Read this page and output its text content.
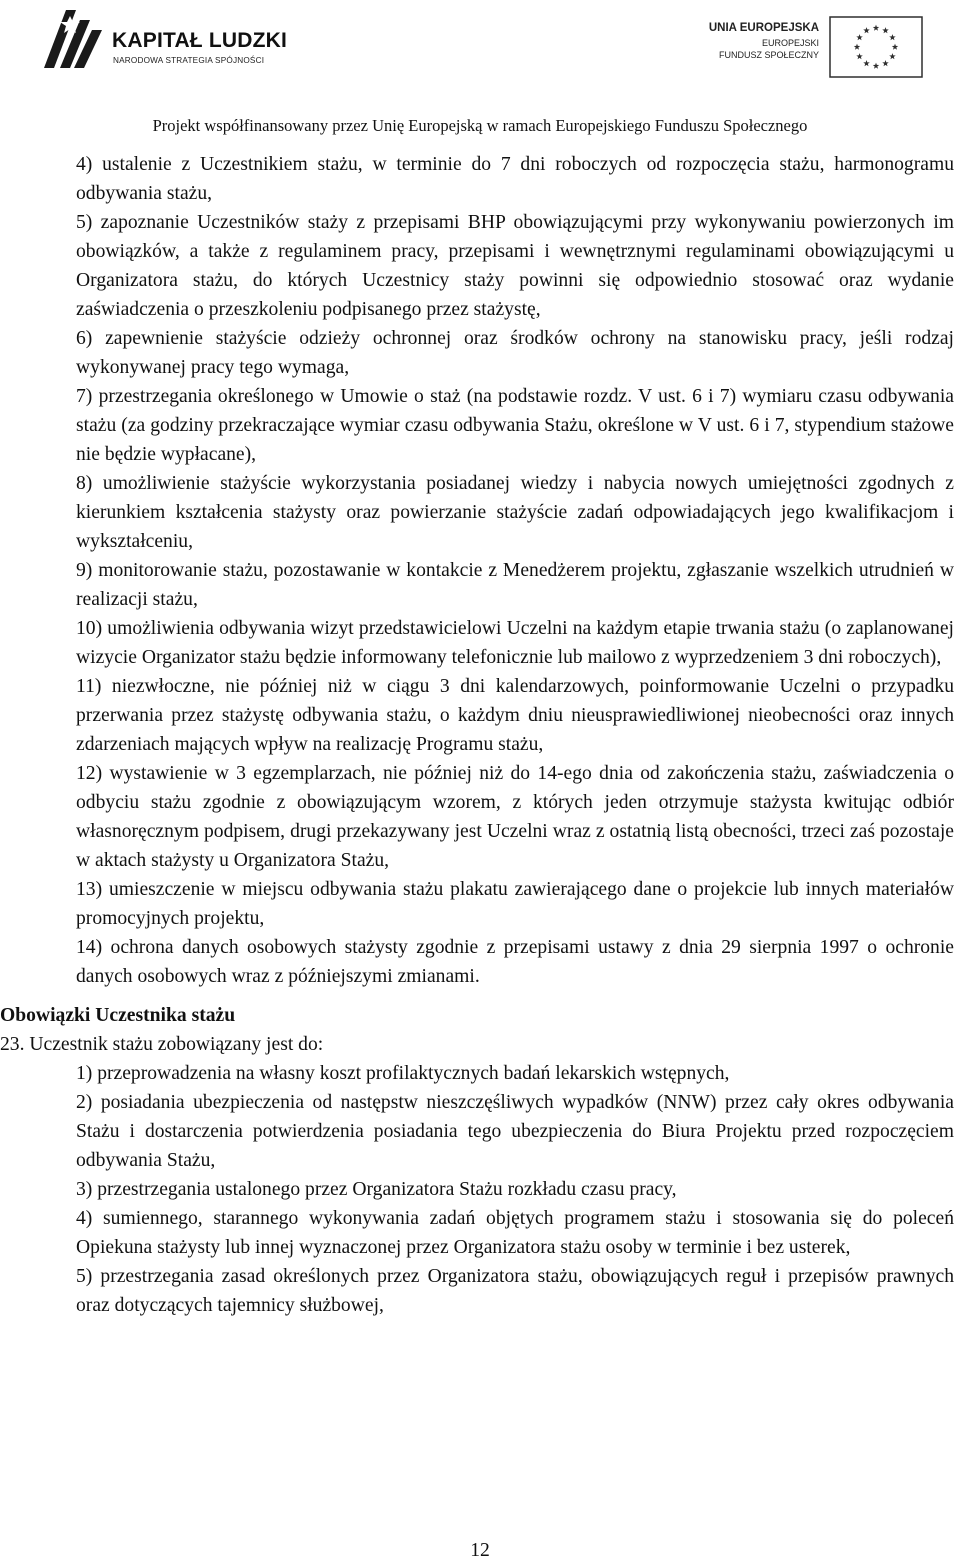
KAPITAŁ LUDZKI
NARODOWA STRATEGIA SPÓJNOŚCI
UNIA EUROPEJSKA
EUROPEJSKI
FUNDUSZ SPOŁECZNY
Projekt współfinansowany przez Unię Europejską w ramach Europejskiego Funduszu Społecznego

4) ustalenie z Uczestnikiem stażu, w terminie do 7 dni roboczych od rozpoczęcia stażu, harmonogramu odbywania stażu,

5) zapoznanie Uczestników staży z przepisami BHP obowiązującymi przy wykonywaniu powierzonych im obowiązków, a także z regulaminem pracy, przepisami i wewnętrznymi regulaminami obowiązującymi u Organizatora stażu, do których Uczestnicy staży powinni się odpowiednio stosować oraz wydanie zaświadczenia o przeszkoleniu podpisanego przez stażystę,

6) zapewnienie stażyście odzieży ochronnej oraz środków ochrony na stanowisku pracy, jeśli rodzaj wykonywanej pracy tego wymaga,

7) przestrzegania określonego w Umowie o staż (na podstawie rozdz. V ust. 6 i 7) wymiaru czasu odbywania stażu (za godziny przekraczające wymiar czasu odbywania Stażu, określone w V ust. 6 i 7, stypendium stażowe nie będzie wypłacane),

8) umożliwienie stażyście wykorzystania posiadanej wiedzy i nabycia nowych umiejętności zgodnych z kierunkiem kształcenia stażysty oraz powierzanie stażyście zadań odpowiadających jego kwalifikacjom i wykształceniu,

9) monitorowanie stażu, pozostawanie w kontakcie z Menedżerem projektu, zgłaszanie wszelkich utrudnień w realizacji stażu,

10) umożliwienia odbywania wizyt przedstawicielowi Uczelni na każdym etapie trwania stażu (o zaplanowanej wizycie Organizator stażu będzie informowany telefonicznie lub mailowo z wyprzedzeniem 3 dni roboczych),

11) niezwłoczne, nie później niż w ciągu 3 dni kalendarzowych, poinformowanie Uczelni o przypadku przerwania przez stażystę odbywania stażu, o każdym dniu nieusprawiedliwionej nieobecności oraz innych zdarzeniach mających wpływ na realizację Programu stażu,

12) wystawienie w 3 egzemplarzach, nie później niż do 14-ego dnia od zakończenia stażu, zaświadczenia o odbyciu stażu zgodnie z obowiązującym wzorem, z których jeden otrzymuje stażysta kwitując odbiór własnoręcznym podpisem, drugi przekazywany jest Uczelni wraz z ostatnią listą obecności, trzeci zaś pozostaje w aktach stażysty u Organizatora Stażu,

13) umieszczenie w miejscu odbywania stażu plakatu zawierającego dane o projekcie lub innych materiałów promocyjnych projektu,

14) ochrona danych osobowych stażysty zgodnie z przepisami ustawy z dnia 29 sierpnia 1997 o ochronie danych osobowych wraz z późniejszymi zmianami.

Obowiązki Uczestnika stażu

23. Uczestnik stażu zobowiązany jest do:

1) przeprowadzenia na własny koszt profilaktycznych badań lekarskich wstępnych,

2) posiadania ubezpieczenia od następstw nieszczęśliwych wypadków (NNW) przez cały okres odbywania Stażu i dostarczenia potwierdzenia posiadania tego ubezpieczenia do Biura Projektu przed rozpoczęciem odbywania Stażu,

3) przestrzegania ustalonego przez Organizatora Stażu rozkładu czasu pracy,

4) sumiennego, starannego wykonywania zadań objętych programem stażu i stosowania się do poleceń Opiekuna stażysty lub innej wyznaczonej przez Organizatora stażu osoby w terminie i bez usterek,

5) przestrzegania zasad określonych przez Organizatora stażu, obowiązujących reguł i przepisów prawnych oraz dotyczących tajemnicy służbowej,

12
